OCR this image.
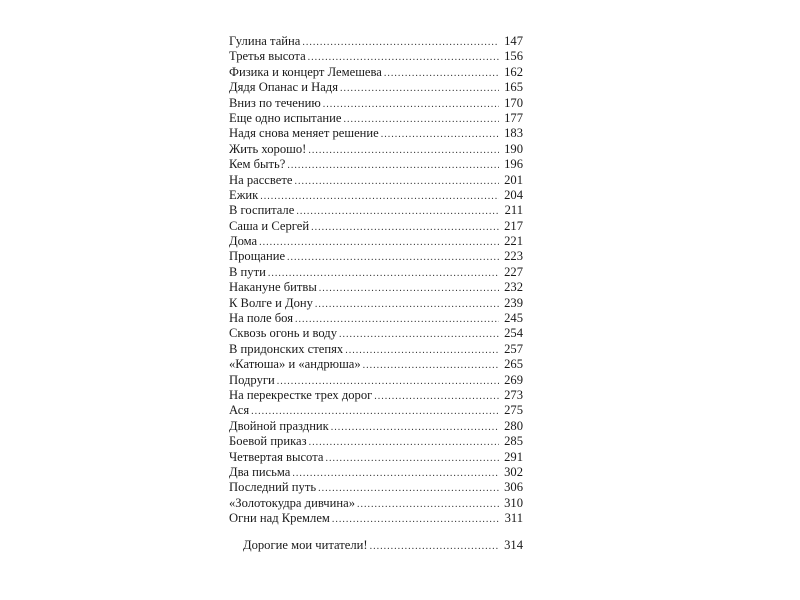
Гулина тайна .....	147
Третья высота .....	156
Физика и концерт Лемешева .....	162
Дядя Опанас и Надя .....	165
Вниз по течению .....	170
Еще одно испытание .....	177
Надя снова меняет решение .....	183
Жить хорошо! .....	190
Кем быть? .....	196
На рассвете .....	201
Ежик .....	204
В госпитале .....	211
Саша и Сергей .....	217
Дома .....	221
Прощание .....	223
В пути .....	227
Накануне битвы .....	232
К Волге и Дону .....	239
На поле боя .....	245
Сквозь огонь и воду .....	254
В придонских степях .....	257
«Катюша» и «андрюша» .....	265
Подруги .....	269
На перекрестке трех дорог .....	273
Ася .....	275
Двойной праздник .....	280
Боевой приказ .....	285
Четвертая высота .....	291
Два письма .....	302
Последний путь .....	306
«Золотокудра дивчина» .....	310
Огни над Кремлем .....	311
Дорогие мои читатели! .....	314
